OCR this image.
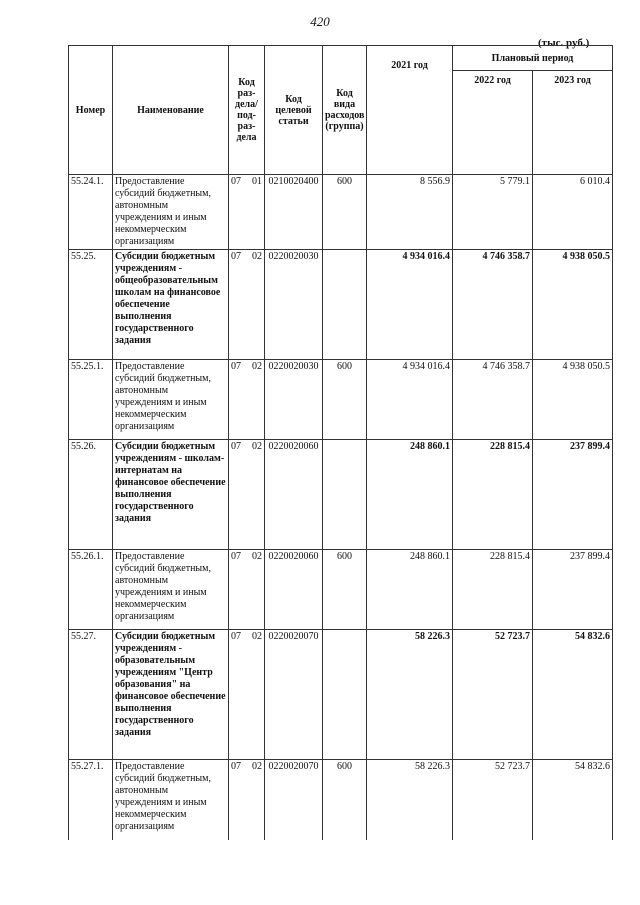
420
(тыс. руб.)
Номер	Наименование	Код раз-дела/ под-раз-дела	Код целевой статьи	Код вида расходов (группа)	2021 год	Плановый период	
						2022 год	2023 год
55.24.1.	Предоставление субсидий бюджетным, автономным учреждениям и иным некоммерческим организациям	07 01	0210020400	600	8 556.9	5 779.1	6 010.4
55.25.	Субсидии бюджетным учреждениям - общеобразовательным школам на финансовое обеспечение выполнения государственного задания	07 02	0220020030		4 934 016.4	4 746 358.7	4 938 050.5
55.25.1.	Предоставление субсидий бюджетным, автономным учреждениям и иным некоммерческим организациям	07 02	0220020030	600	4 934 016.4	4 746 358.7	4 938 050.5
55.26.	Субсидии бюджетным учреждениям - школам-интернатам на финансовое обеспечение выполнения государственного задания	07 02	0220020060		248 860.1	228 815.4	237 899.4
55.26.1.	Предоставление субсидий бюджетным, автономным учреждениям и иным некоммерческим организациям	07 02	0220020060	600	248 860.1	228 815.4	237 899.4
55.27.	Субсидии бюджетным учреждениям - образовательным учреждениям "Центр образования" на финансовое обеспечение выполнения государственного задания	07 02	0220020070		58 226.3	52 723.7	54 832.6
55.27.1.	Предоставление субсидий бюджетным, автономным учреждениям и иным некоммерческим организациям	07 02	0220020070	600	58 226.3	52 723.7	54 832.6
